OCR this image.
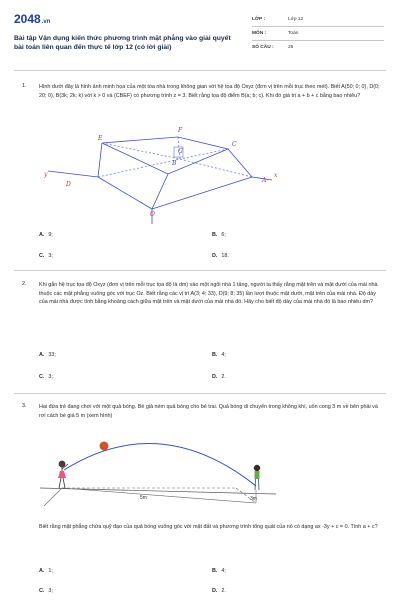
2048.vn
Bài tập Vận dụng kiến thức phương trình mặt phẳng vào giải quyết bài toán liên quan đến thực tế lớp 12 (có lời giải)
LỚP :	Lớp 12
MÔN :	Toán
SỐ CÂU :	25
1. Hình dưới đây là hình ảnh minh họa của một tòa nhà trong không gian với hệ tọa độ Oxyz (đơn vị trên mỗi trục theo mét). Biết A(50; 0; 0), D(0; 20; 0), B(3k; 2k; k) với k > 0 và (CBEF) có phương trình z = 3. Biết rằng tọa độ điểm B(a; b; c). Khi đó giá trị a + b + c bằng bao nhiêu?
E
F
C
G
B
y
D
x
A
O
A. 9;	B. 6;
C. 3;	D. 18.
2. Khi gắn hệ trục tọa độ Oxyz (đơn vị trên mỗi trục tọa độ là dm) vào một ngôi nhà 1 tầng, người ta thấy rằng mặt trên và mặt dưới của mái nhà thuộc các mặt phẳng vuông góc với trục Oz. Biết rằng các vị trí A(3; 4; 33), D(9; 8; 35) lần lượt thuộc mặt dưới, mặt trên của mái nhà. Độ dày của mái nhà được tính bằng khoảng cách giữa mặt trên và mặt dưới của mái nhà đó. Hãy cho biết độ dày của mái nhà đó là bao nhiêu dm?
A. 33;	B. 4;
C. 3;	D. 2.
3. Hai đứa trẻ đang chơi với một quả bóng. Bé giả ném quả bóng cho bé trai. Quả bóng di chuyển trong không khí, uốn cong 3 m về bên phải và rơi cách bé giá 5 m (xem hình)
5m	3m
Biết rằng mặt phẳng chứa quỹ đạo của quả bóng vuông góc với mặt đất và phương trình tổng quát của nó có dạng ax -3y + c = 0. Tính a + c?
A. 1;	B. 4;
C. 3;	D. 2.
